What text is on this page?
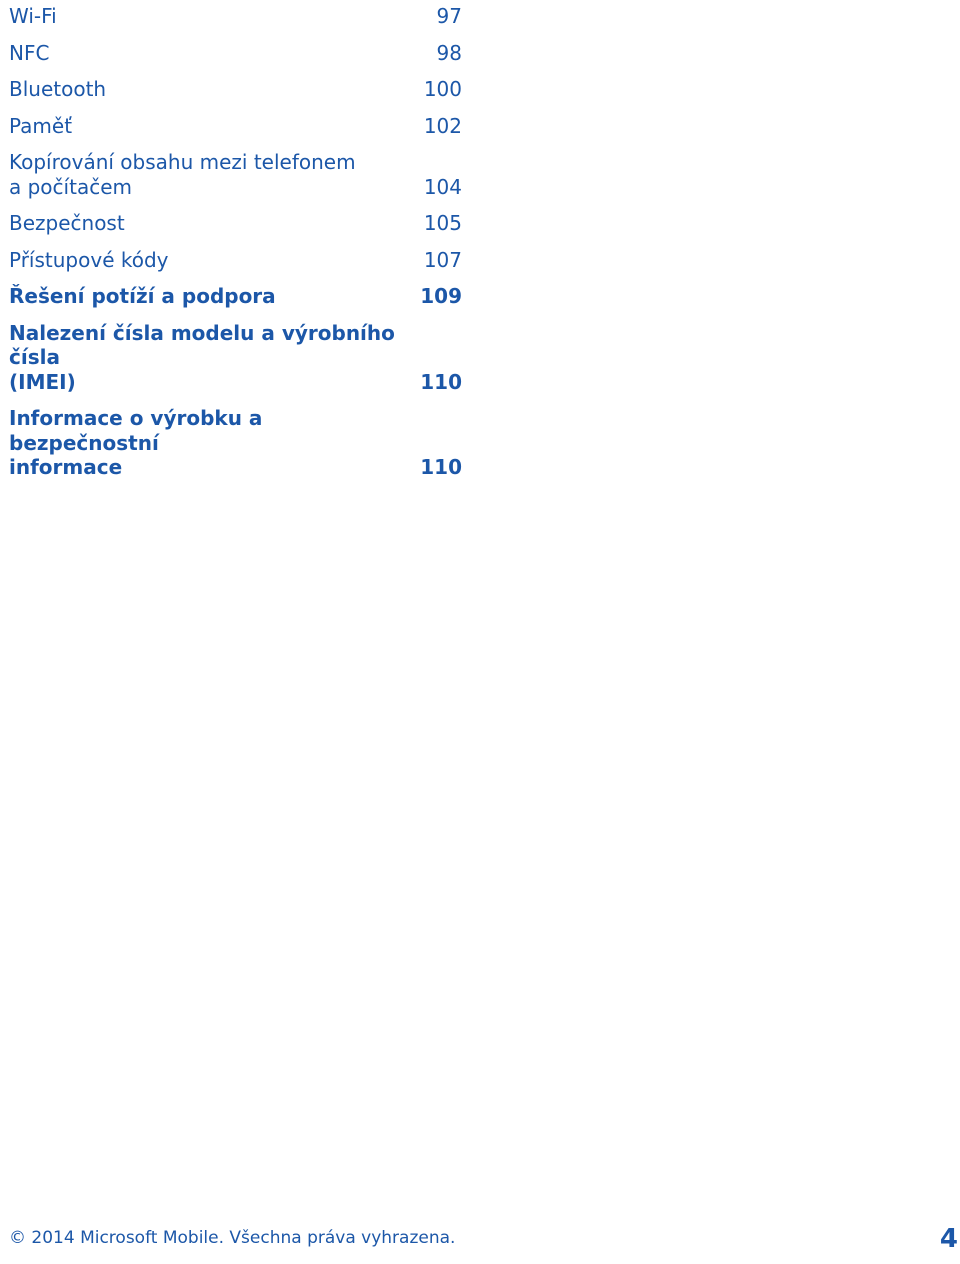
Wi-Fi	97
NFC	98
Bluetooth	100
Paměť	102
Kopírování obsahu mezi telefonem
a počítačem	104
Bezpečnost	105
Přístupové kódy	107
Řešení potíží a podpora	109
Nalezení čísla modelu a výrobního čísla
(IMEI)	110
Informace o výrobku a bezpečnostní
informace	110
© 2014 Microsoft Mobile. Všechna práva vyhrazena.	4
